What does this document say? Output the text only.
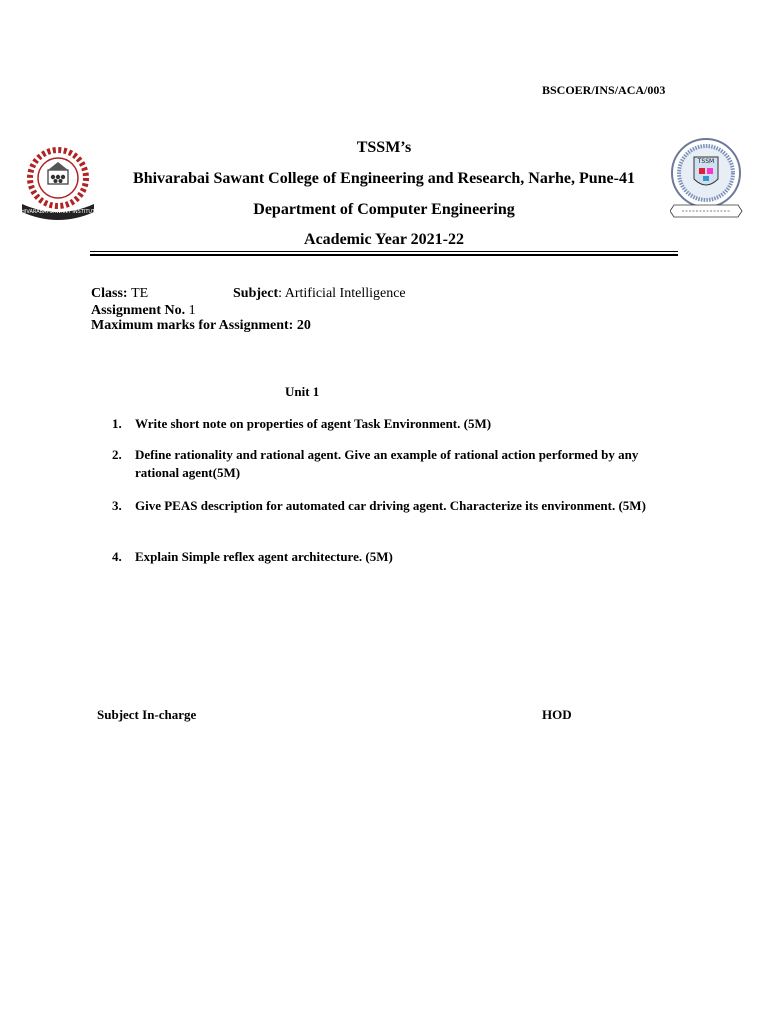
BSCOER/INS/ACA/003
BHIVARABAI SAWANT INSTITUTE
TSSM
TSSM’s
Bhivarabai Sawant College of Engineering and Research, Narhe, Pune-41
Department of Computer Engineering
Academic Year 2021-22
Class: TE	Subject: Artificial Intelligence
Assignment No. 1
Maximum marks for Assignment: 20
Unit 1
1.	Write short note on properties of agent Task Environment. (5M)
2.	Define rationality and rational agent. Give an example of rational action performed by any rational agent(5M)
3.	Give PEAS description for automated car driving agent. Characterize its environment. (5M)
4.	Explain Simple reflex agent architecture. (5M)
Subject In-charge	HOD
